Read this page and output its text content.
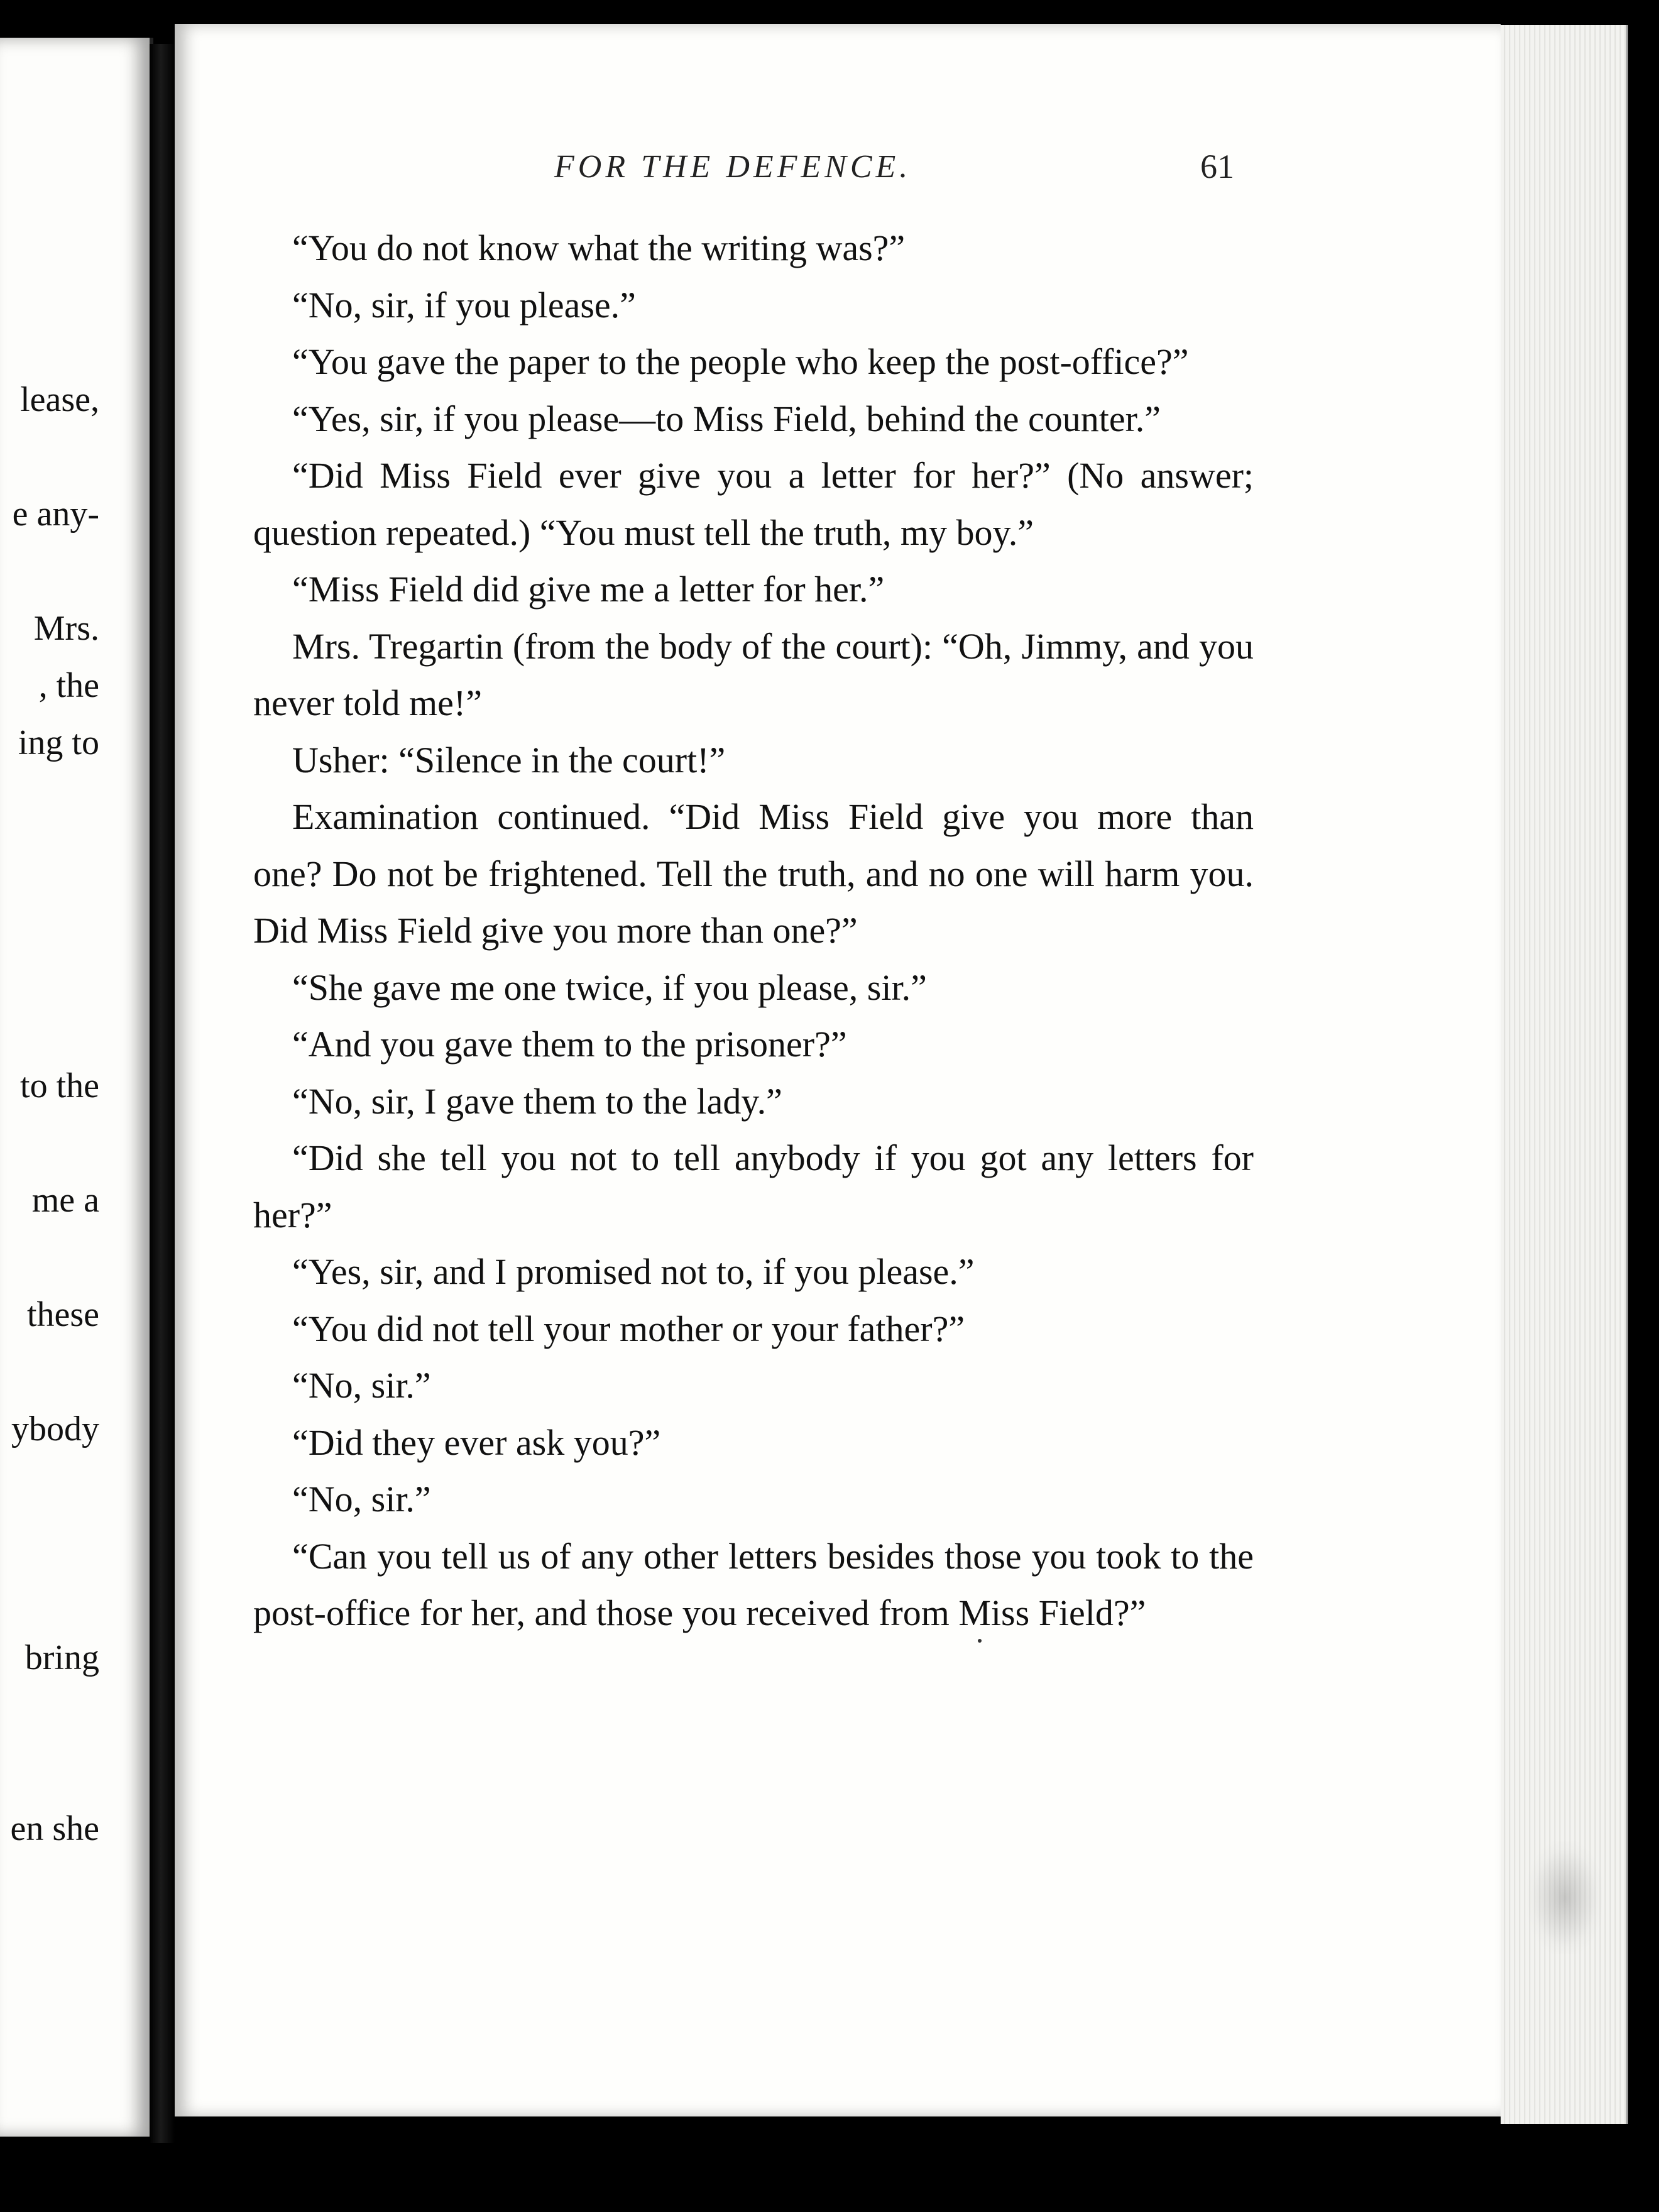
lease,
e any-
Mrs.
, the
ing to
to the
me a
these
ybody
bring
en she
FOR THE DEFENCE.	61

“You do not know what the writing was?”

“No, sir, if you please.”

“You gave the paper to the people who keep the post-office?”

“Yes, sir, if you please—to Miss Field, behind the counter.”

“Did Miss Field ever give you a letter for her?” (No answer; question repeated.) “You must tell the truth, my boy.”

“Miss Field did give me a letter for her.”

Mrs. Tregartin (from the body of the court): “Oh, Jimmy, and you never told me!”

Usher: “Silence in the court!”

Examination continued. “Did Miss Field give you more than one? Do not be frightened. Tell the truth, and no one will harm you. Did Miss Field give you more than one?”

“She gave me one twice, if you please, sir.”

“And you gave them to the prisoner?”

“No, sir, I gave them to the lady.”

“Did she tell you not to tell anybody if you got any letters for her?”

“Yes, sir, and I promised not to, if you please.”

“You did not tell your mother or your father?”

“No, sir.”

“Did they ever ask you?”

“No, sir.”

“Can you tell us of any other letters besides those you took to the post-office for her, and those you received from Miss Field?”
